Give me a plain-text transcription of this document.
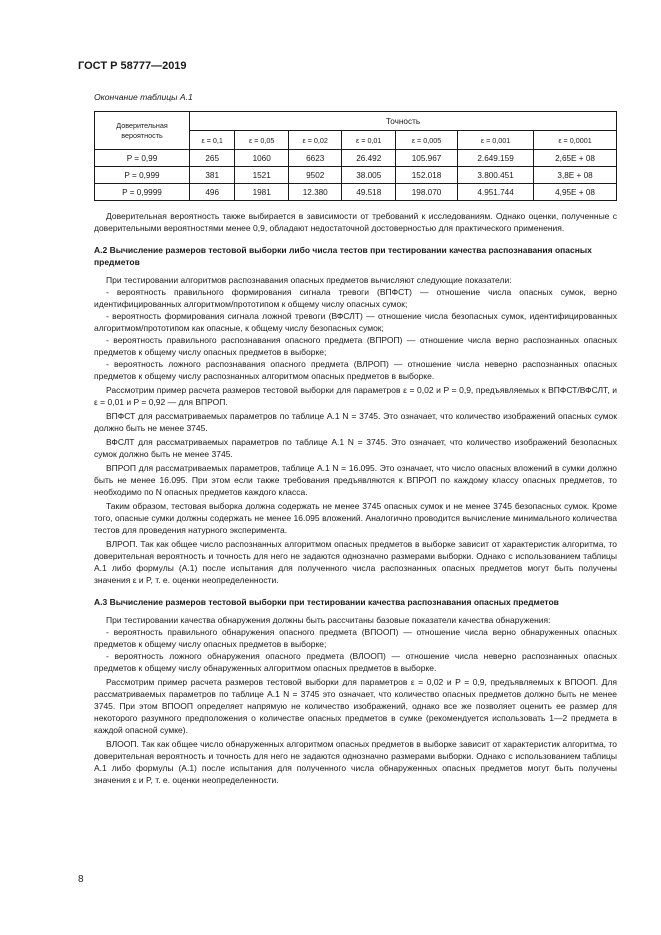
ГОСТ Р 58777—2019
Окончание таблицы А.1
Доверительная вероятность	Точность						
	ε = 0,1	ε = 0,05	ε = 0,02	ε = 0,01	ε = 0,005	ε = 0,001	ε = 0,0001
P = 0,99	265	1060	6623	26.492	105.967	2.649.159	2,65E + 08
P = 0,999	381	1521	9502	38.005	152.018	3.800.451	3,8E + 08
P = 0,9999	496	1981	12.380	49.518	198.070	4.951.744	4,95E + 08

Доверительная вероятность также выбирается в зависимости от требований к исследованиям. Однако оценки, полученные с доверительными вероятностями менее 0,9, обладают недостаточной достоверностью для практического применения.

А.2 Вычисление размеров тестовой выборки либо числа тестов при тестировании качества распознавания опасных предметов

При тестировании алгоритмов распознавания опасных предметов вычисляют следующие показатели:

- вероятность правильного формирования сигнала тревоги (ВПФСТ) — отношение числа опасных сумок, верно идентифицированных алгоритмом/прототипом к общему числу опасных сумок;

- вероятность формирования сигнала ложной тревоги (ВФСЛТ) — отношение числа безопасных сумок, идентифицированных алгоритмом/прототипом как опасные, к общему числу безопасных сумок;

- вероятность правильного распознавания опасного предмета (ВПРОП) — отношение числа верно распознанных опасных предметов к общему числу опасных предметов в выборке;

- вероятность ложного распознавания опасного предмета (ВЛРОП) — отношение числа неверно распознанных опасных предметов к общему числу распознанных алгоритмом опасных предметов в выборке.

Рассмотрим пример расчета размеров тестовой выборки для параметров ε = 0,02 и P = 0,9, предъявляемых к ВПФСТ/ВФСЛТ, и ε = 0,01 и P = 0,92 — для ВПРОП.

ВПФСТ для рассматриваемых параметров по таблице А.1 N = 3745. Это означает, что количество изображений опасных сумок должно быть не менее 3745.

ВФСЛТ для рассматриваемых параметров по таблице А.1 N = 3745. Это означает, что количество изображений безопасных сумок должно быть не менее 3745.

ВПРОП для рассматриваемых параметров, таблице А.1 N = 16.095. Это означает, что число опасных вложений в сумки должно быть не менее 16.095. При этом если также требования предъявляются к ВПРОП по каждому классу опасных предметов, то необходимо по N опасных предметов каждого класса.

Таким образом, тестовая выборка должна содержать не менее 3745 опасных сумок и не менее 3745 безопасных сумок. Кроме того, опасные сумки должны содержать не менее 16.095 вложений. Аналогично проводится вычисление минимального количества тестов для проведения натурного эксперимента.

ВЛРОП. Так как общее число распознанных алгоритмом опасных предметов в выборке зависит от характеристик алгоритма, то доверительная вероятность и точность для него не задаются однозначно размерами выборки. Однако с использованием таблицы А.1 либо формулы (А.1) после испытания для полученного числа распознанных опасных предметов могут быть получены значения ε и P, т. е. оценки неопределенности.

А.3 Вычисление размеров тестовой выборки при тестировании качества распознавания опасных предметов

При тестировании качества обнаружения должны быть рассчитаны базовые показатели качества обнаружения:

- вероятность правильного обнаружения опасного предмета (ВПООП) — отношение числа верно обнаруженных опасных предметов к общему числу опасных предметов в выборке;

- вероятность ложного обнаружения опасного предмета (ВЛООП) — отношение числа неверно распознанных опасных предметов к общему числу обнаруженных алгоритмом опасных предметов в выборке.

Рассмотрим пример расчета размеров тестовой выборки для параметров ε = 0,02 и P = 0,9, предъявляемых к ВПООП. Для рассматриваемых параметров по таблице А.1 N = 3745 это означает, что количество опасных предметов должно быть не менее 3745. При этом ВПООП определяет напрямую не количество изображений, однако все же позволяет оценить ее размер для некоторого разумного предположения о количестве опасных предметов в сумке (рекомендуется использовать 1—2 предмета в каждой опасной сумке).

ВЛООП. Так как общее число обнаруженных алгоритмом опасных предметов в выборке зависит от характеристик алгоритма, то доверительная вероятность и точность для него не задаются однозначно размерами выборки. Однако с использованием таблицы А.1 либо формулы (А.1) после испытания для полученного числа обнаруженных опасных предметов могут быть получены значения ε и P, т. е. оценки неопределенности.

8
